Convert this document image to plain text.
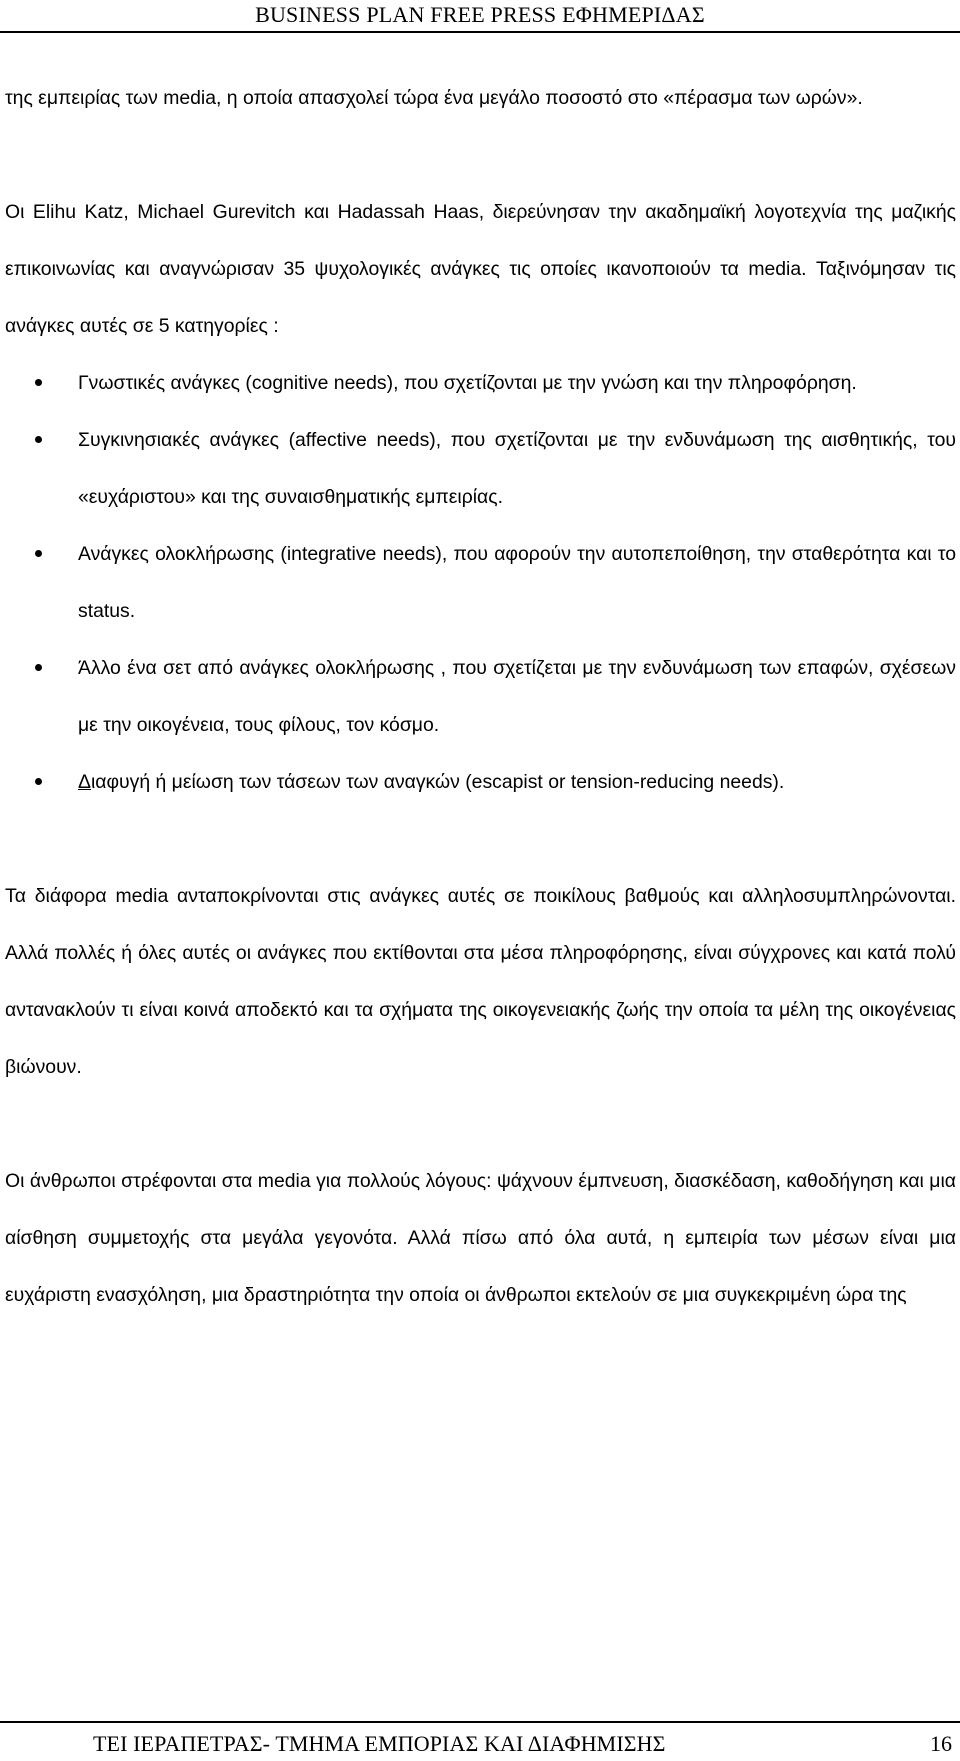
BUSINESS PLAN FREE PRESS ΕΦΗΜΕΡΙΔΑΣ

της εμπειρίας των media, η οποία απασχολεί τώρα ένα μεγάλο ποσοστό στο «πέρασμα των ωρών».

Οι Elihu Katz, Michael Gurevitch και Hadassah Haas, διερεύνησαν την ακαδημαϊκή λογοτεχνία της μαζικής επικοινωνίας και αναγνώρισαν 35 ψυχολογικές ανάγκες τις οποίες ικανοποιούν τα media. Ταξινόμησαν τις ανάγκες αυτές σε 5 κατηγορίες :

Γνωστικές ανάγκες (cognitive needs), που σχετίζονται με την γνώση και την πληροφόρηση.
Συγκινησιακές ανάγκες (affective needs), που σχετίζονται με την ενδυνάμωση της αισθητικής, του «ευχάριστου» και της συναισθηματικής εμπειρίας.
Ανάγκες ολοκλήρωσης (integrative needs), που αφορούν την αυτοπεποίθηση, την σταθερότητα και το status.
Άλλο ένα σετ από ανάγκες ολοκλήρωσης , που σχετίζεται με την ενδυνάμωση των επαφών, σχέσεων με την οικογένεια, τους φίλους, τον κόσμο.
Διαφυγή ή μείωση των τάσεων των αναγκών (escapist or tension-reducing needs).

Τα διάφορα media ανταποκρίνονται στις ανάγκες αυτές σε ποικίλους βαθμούς και αλληλοσυμπληρώνονται. Αλλά πολλές ή όλες αυτές οι ανάγκες που εκτίθονται στα μέσα πληροφόρησης, είναι σύγχρονες και κατά πολύ αντανακλούν τι είναι κοινά αποδεκτό και τα σχήματα της οικογενειακής ζωής την οποία τα μέλη της οικογένειας βιώνουν.

Οι άνθρωποι στρέφονται στα media για πολλούς λόγους: ψάχνουν έμπνευση, διασκέδαση, καθοδήγηση και μια αίσθηση συμμετοχής στα μεγάλα γεγονότα. Αλλά πίσω από όλα αυτά, η εμπειρία των μέσων είναι μια ευχάριστη ενασχόληση, μια δραστηριότητα την οποία οι άνθρωποι εκτελούν σε μια συγκεκριμένη ώρα της

ΤΕΙ ΙΕΡΑΠΕΤΡΑΣ- ΤΜΗΜΑ ΕΜΠΟΡΙΑΣ ΚΑΙ ΔΙΑΦΗΜΙΣΗΣ	16
